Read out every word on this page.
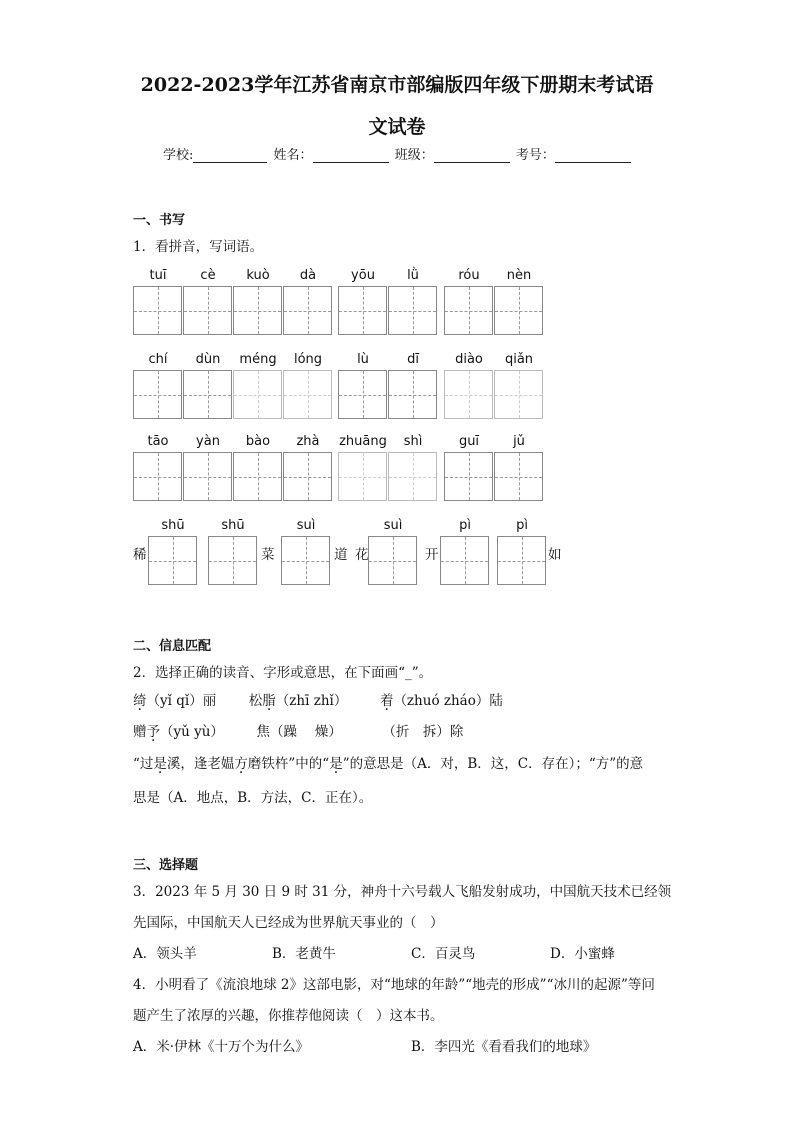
2022-2023学年江苏省南京市部编版四年级下册期末考试语
文试卷
学校:	姓名：	班级：	考号：
一、书写
1．看拼音，写词语。
tuī	cè	kuò	dà	yōu	lǜ	róu	nèn
chí	dùn	méng	lóng	lù	dī	diào	qiǎn
tāo	yàn	bào	zhà	zhuāng	shì	guī	jǔ
稀
shū	shū
菜
suì
道 花
suì
开
pì	pì
如
二、信息匹配
2．选择正确的读音、字形或意思，在下面画“_”。
绮（yǐ qǐ）丽 松脂（zhī zhǐ） 着（zhuó zháo）陆
赠予（yǔ yù） 焦（躁　 燥）	（折　拆）除
“过是溪，逢老媪方磨铁杵”中的“是”的意思是（A．对，B．这，C．存在）；“方”的意
思是（A．地点，B．方法，C．正在）。
三、选择题
3．2023 年 5 月 30 日 9 时 31 分，神舟十六号载人飞船发射成功，中国航天技术已经领
先国际，中国航天人已经成为世界航天事业的（　）
A．领头羊	B．老黄牛	C．百灵鸟	D．小蜜蜂
4．小明看了《流浪地球 2》这部电影，对“地球的年龄”“地壳的形成”“冰川的起源”等问
题产生了浓厚的兴趣，你推荐他阅读（　）这本书。
A．米·伊林《十万个为什么》	B．李四光《看看我们的地球》
